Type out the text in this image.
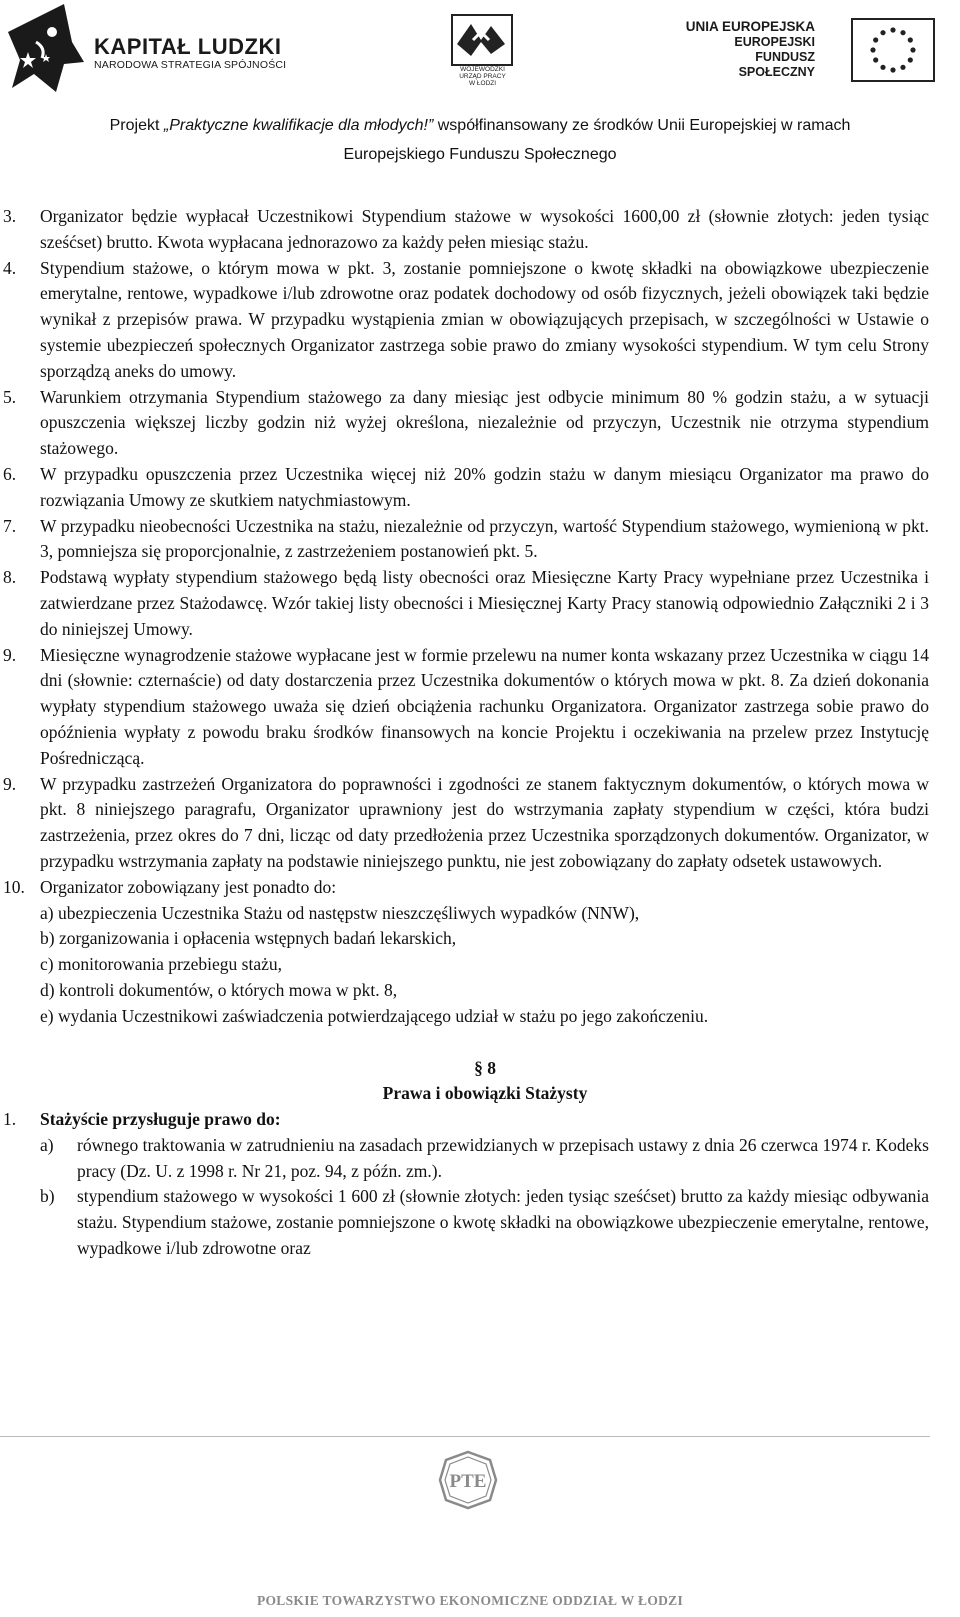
KAPITAŁ LUDZKI
NARODOWA STRATEGIA SPÓJNOŚCI	WOJEWÓDZKI
URZĄD PRACY
W ŁODZI
UNIA EUROPEJSKA
EUROPEJSKI
FUNDUSZ SPOŁECZNY
Projekt „Praktyczne kwalifikacje dla młodych!” współfinansowany ze środków Unii Europejskiej w ramach
Europejskiego Funduszu Społecznego

3. Organizator będzie wypłacał Uczestnikowi Stypendium stażowe w wysokości 1600,00 zł (słownie złotych: jeden tysiąc sześćset) brutto. Kwota wypłacana jednorazowo za każdy pełen miesiąc stażu.

4. Stypendium stażowe, o którym mowa w pkt. 3, zostanie pomniejszone o kwotę składki na obowiązkowe ubezpieczenie emerytalne, rentowe, wypadkowe i/lub zdrowotne oraz podatek dochodowy od osób fizycznych, jeżeli obowiązek taki będzie wynikał z przepisów prawa. W przypadku wystąpienia zmian w obowiązujących przepisach, w szczególności w Ustawie o systemie ubezpieczeń społecznych Organizator zastrzega sobie prawo do zmiany wysokości stypendium. W tym celu Strony sporządzą aneks do umowy.

5. Warunkiem otrzymania Stypendium stażowego za dany miesiąc jest odbycie minimum 80 % godzin stażu, a w sytuacji opuszczenia większej liczby godzin niż wyżej określona, niezależnie od przyczyn, Uczestnik nie otrzyma stypendium stażowego.

6. W przypadku opuszczenia przez Uczestnika więcej niż 20% godzin stażu w danym miesiącu Organizator ma prawo do rozwiązania Umowy ze skutkiem natychmiastowym.

7. W przypadku nieobecności Uczestnika na stażu, niezależnie od przyczyn, wartość Stypendium stażowego, wymienioną w pkt. 3, pomniejsza się proporcjonalnie, z zastrzeżeniem postanowień pkt. 5.

8. Podstawą wypłaty stypendium stażowego będą listy obecności oraz Miesięczne Karty Pracy wypełniane przez Uczestnika i zatwierdzane przez Stażodawcę. Wzór takiej listy obecności i Miesięcznej Karty Pracy stanowią odpowiednio Załączniki 2 i 3 do niniejszej Umowy.

9. Miesięczne wynagrodzenie stażowe wypłacane jest w formie przelewu na numer konta wskazany przez Uczestnika w ciągu 14 dni (słownie: czternaście) od daty dostarczenia przez Uczestnika dokumentów o których mowa w pkt. 8. Za dzień dokonania wypłaty stypendium stażowego uważa się dzień obciążenia rachunku Organizatora. Organizator zastrzega sobie prawo do opóźnienia wypłaty z powodu braku środków finansowych na koncie Projektu i oczekiwania na przelew przez Instytucję Pośredniczącą.

9. W przypadku zastrzeżeń Organizatora do poprawności i zgodności ze stanem faktycznym dokumentów, o których mowa w pkt. 8 niniejszego paragrafu, Organizator uprawniony jest do wstrzymania zapłaty stypendium w części, która budzi zastrzeżenia, przez okres do 7 dni, licząc od daty przedłożenia przez Uczestnika sporządzonych dokumentów. Organizator, w przypadku wstrzymania zapłaty na podstawie niniejszego punktu, nie jest zobowiązany do zapłaty odsetek ustawowych.

10. Organizator zobowiązany jest ponadto do:

a) ubezpieczenia Uczestnika Stażu od następstw nieszczęśliwych wypadków (NNW),

b) zorganizowania i opłacenia wstępnych badań lekarskich,

c) monitorowania przebiegu stażu,

d) kontroli dokumentów, o których mowa w pkt. 8,

e) wydania Uczestnikowi zaświadczenia potwierdzającego udział w stażu po jego zakończeniu.

§ 8
Prawa i obowiązki Stażysty

1. Stażyście przysługuje prawo do:

a) równego traktowania w zatrudnieniu na zasadach przewidzianych w przepisach ustawy z dnia 26 czerwca 1974 r. Kodeks pracy (Dz. U. z 1998 r. Nr 21, poz. 94, z późn. zm.).

b) stypendium stażowego w wysokości 1 600 zł (słownie złotych: jeden tysiąc sześćset) brutto za każdy miesiąc odbywania stażu. Stypendium stażowe, zostanie pomniejszone o kwotę składki na obowiązkowe ubezpieczenie emerytalne, rentowe, wypadkowe i/lub zdrowotne oraz

PTE
POLSKIE TOWARZYSTWO EKONOMICZNE ODDZIAŁ W ŁODZI
